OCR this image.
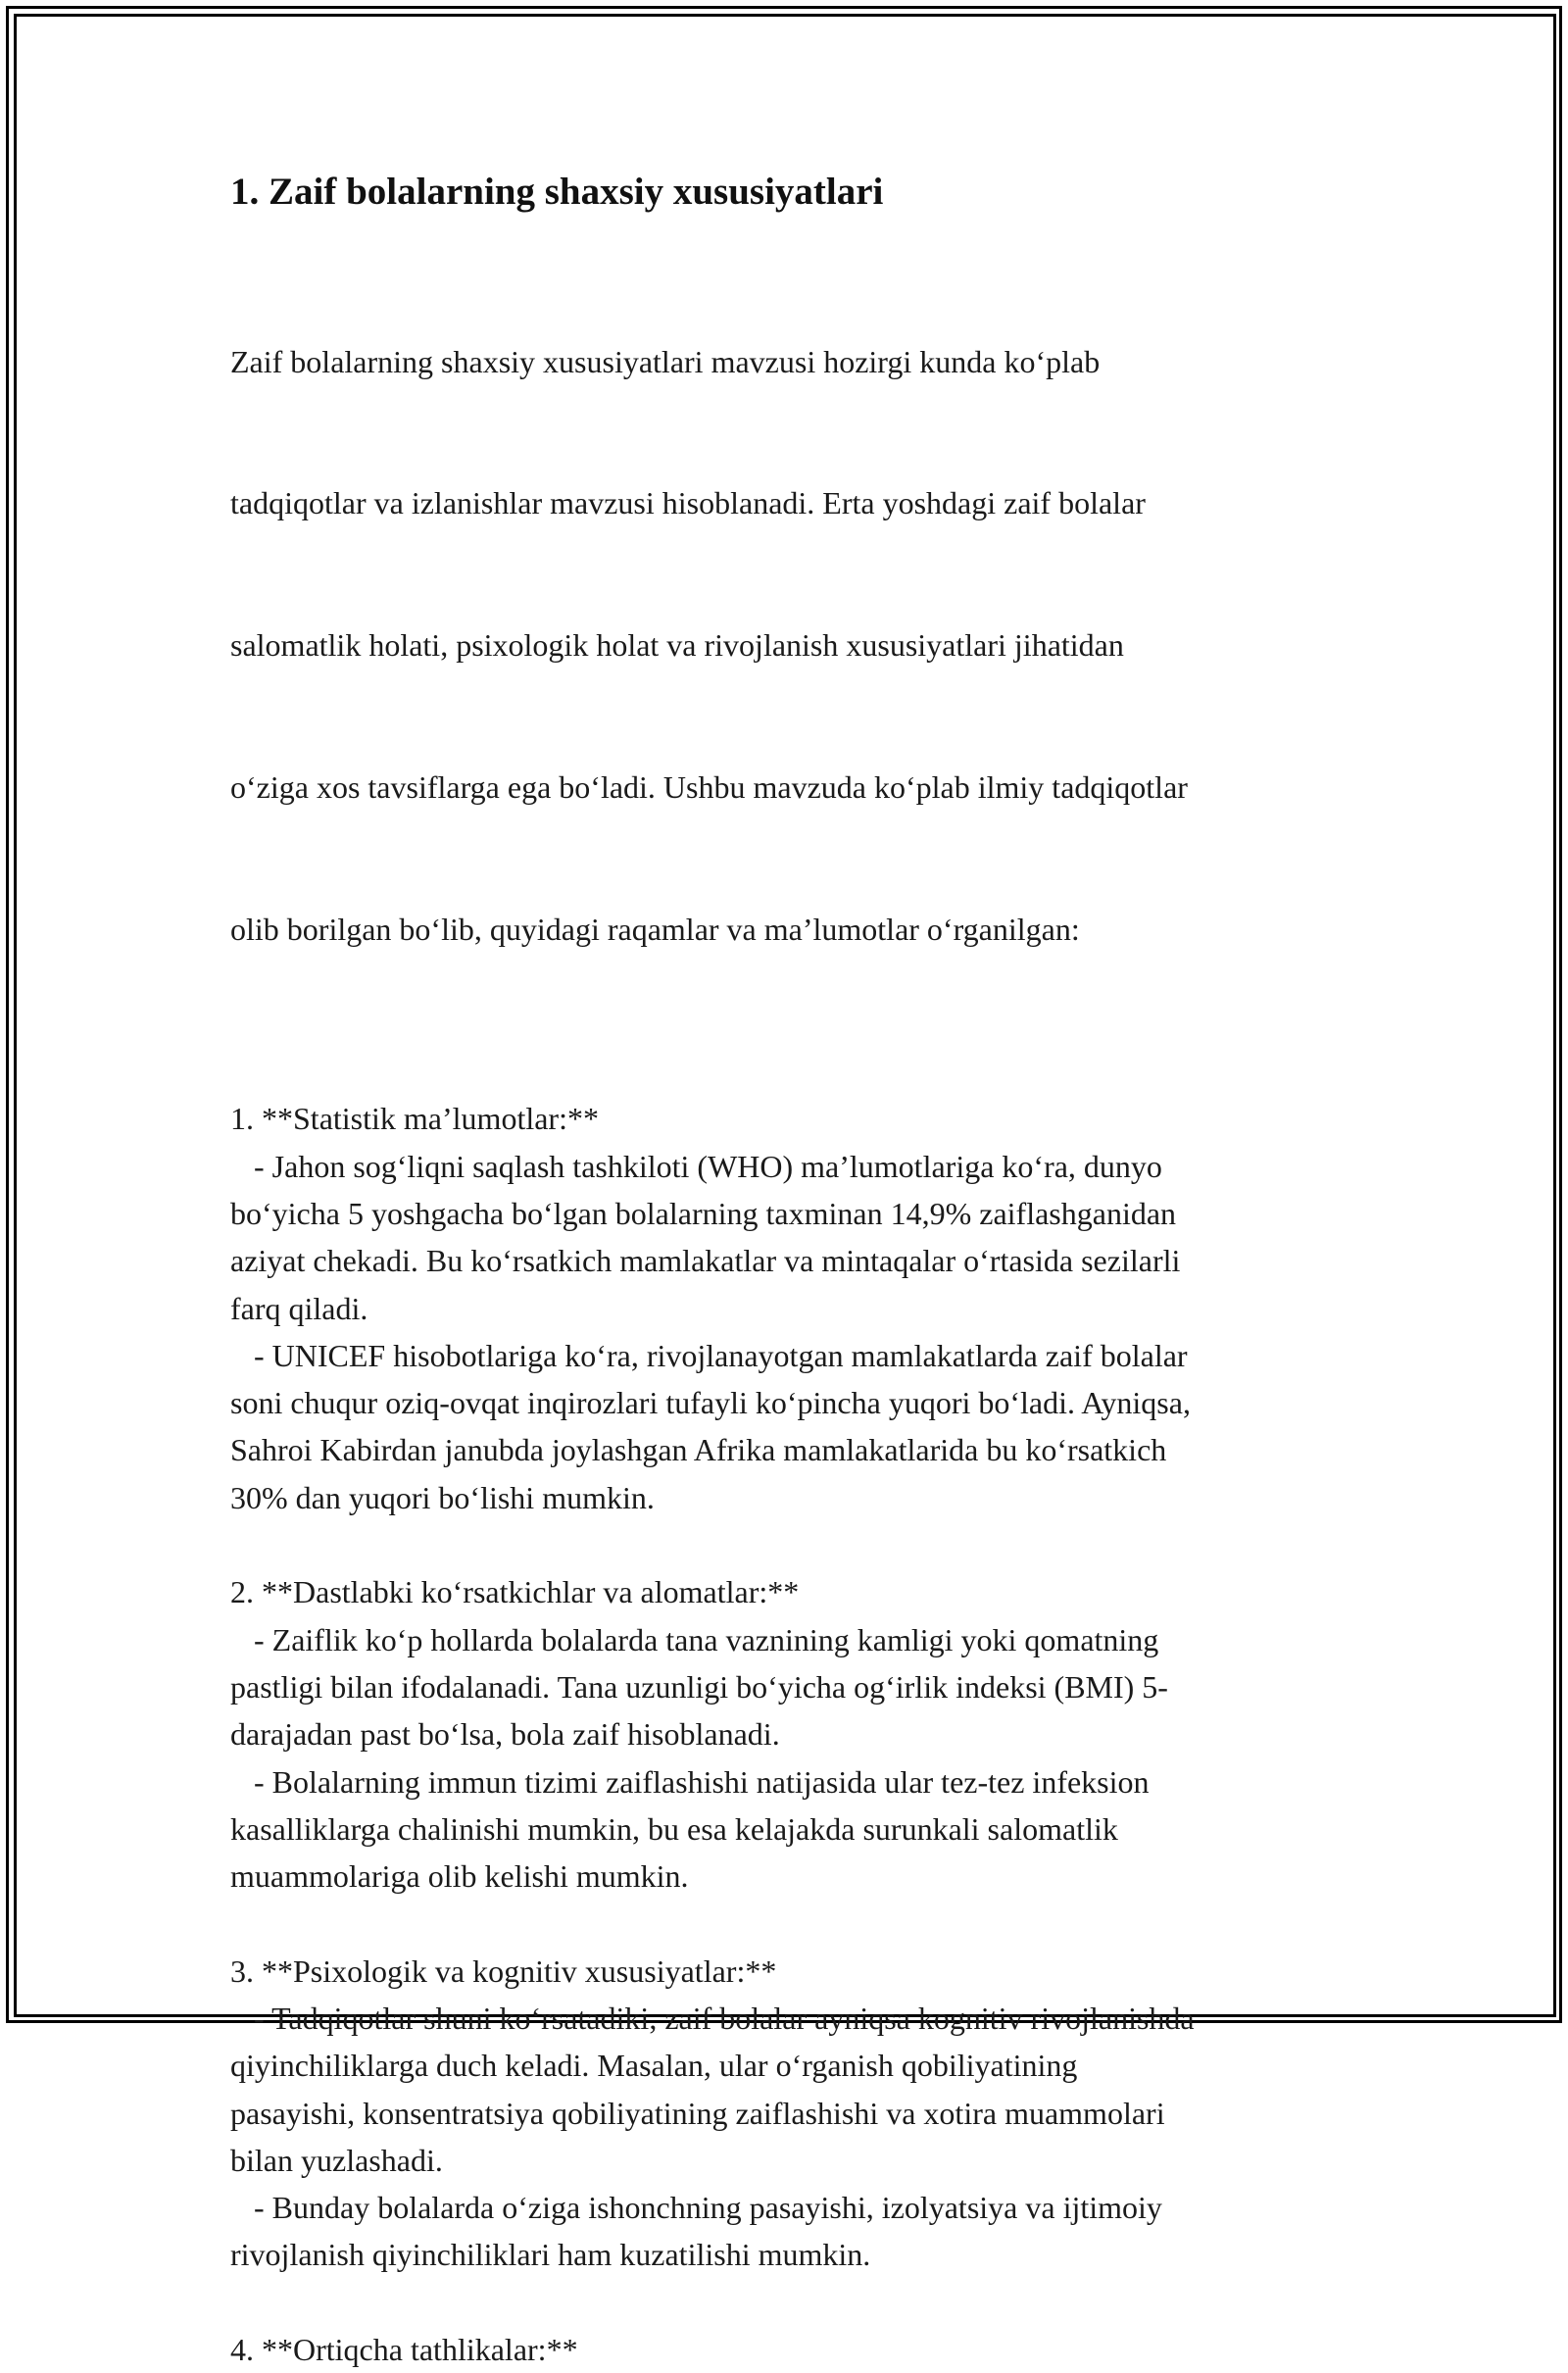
1. Zaif bolalarning shaxsiy xususiyatlari

Zaif bolalarning shaxsiy xususiyatlari mavzusi hozirgi kunda ko‘plab

tadqiqotlar va izlanishlar mavzusi hisoblanadi. Erta yoshdagi zaif bolalar

salomatlik holati, psixologik holat va rivojlanish xususiyatlari jihatidan

o‘ziga xos tavsiflarga ega bo‘ladi. Ushbu mavzuda ko‘plab ilmiy tadqiqotlar

olib borilgan bo‘lib, quyidagi raqamlar va ma’lumotlar o‘rganilgan:

1. **Statistik ma’lumotlar:**
- Jahon sog‘liqni saqlash tashkiloti (WHO) ma’lumotlariga ko‘ra, dunyo
bo‘yicha 5 yoshgacha bo‘lgan bolalarning taxminan 14,9% zaiflashganidan
aziyat chekadi. Bu ko‘rsatkich mamlakatlar va mintaqalar o‘rtasida sezilarli
farq qiladi.
- UNICEF hisobotlariga ko‘ra, rivojlanayotgan mamlakatlarda zaif bolalar
soni chuqur oziq-ovqat inqirozlari tufayli ko‘pincha yuqori bo‘ladi. Ayniqsa,
Sahroi Kabirdan janubda joylashgan Afrika mamlakatlarida bu ko‘rsatkich
30% dan yuqori bo‘lishi mumkin.
2. **Dastlabki ko‘rsatkichlar va alomatlar:**
- Zaiflik ko‘p hollarda bolalarda tana vaznining kamligi yoki qomatning
pastligi bilan ifodalanadi. Tana uzunligi bo‘yicha og‘irlik indeksi (BMI) 5-
darajadan past bo‘lsa, bola zaif hisoblanadi.
- Bolalarning immun tizimi zaiflashishi natijasida ular tez-tez infeksion
kasalliklarga chalinishi mumkin, bu esa kelajakda surunkali salomatlik
muammolariga olib kelishi mumkin.
3. **Psixologik va kognitiv xususiyatlar:**
- Tadqiqotlar shuni ko‘rsatadiki, zaif bolalar ayniqsa kognitiv rivojlanishda
qiyinchiliklarga duch keladi. Masalan, ular o‘rganish qobiliyatining
pasayishi, konsentratsiya qobiliyatining zaiflashishi va xotira muammolari
bilan yuzlashadi.
- Bunday bolalarda o‘ziga ishonchning pasayishi, izolyatsiya va ijtimoiy
rivojlanish qiyinchiliklari ham kuzatilishi mumkin.
4. **Ortiqcha tathlikalar:**
